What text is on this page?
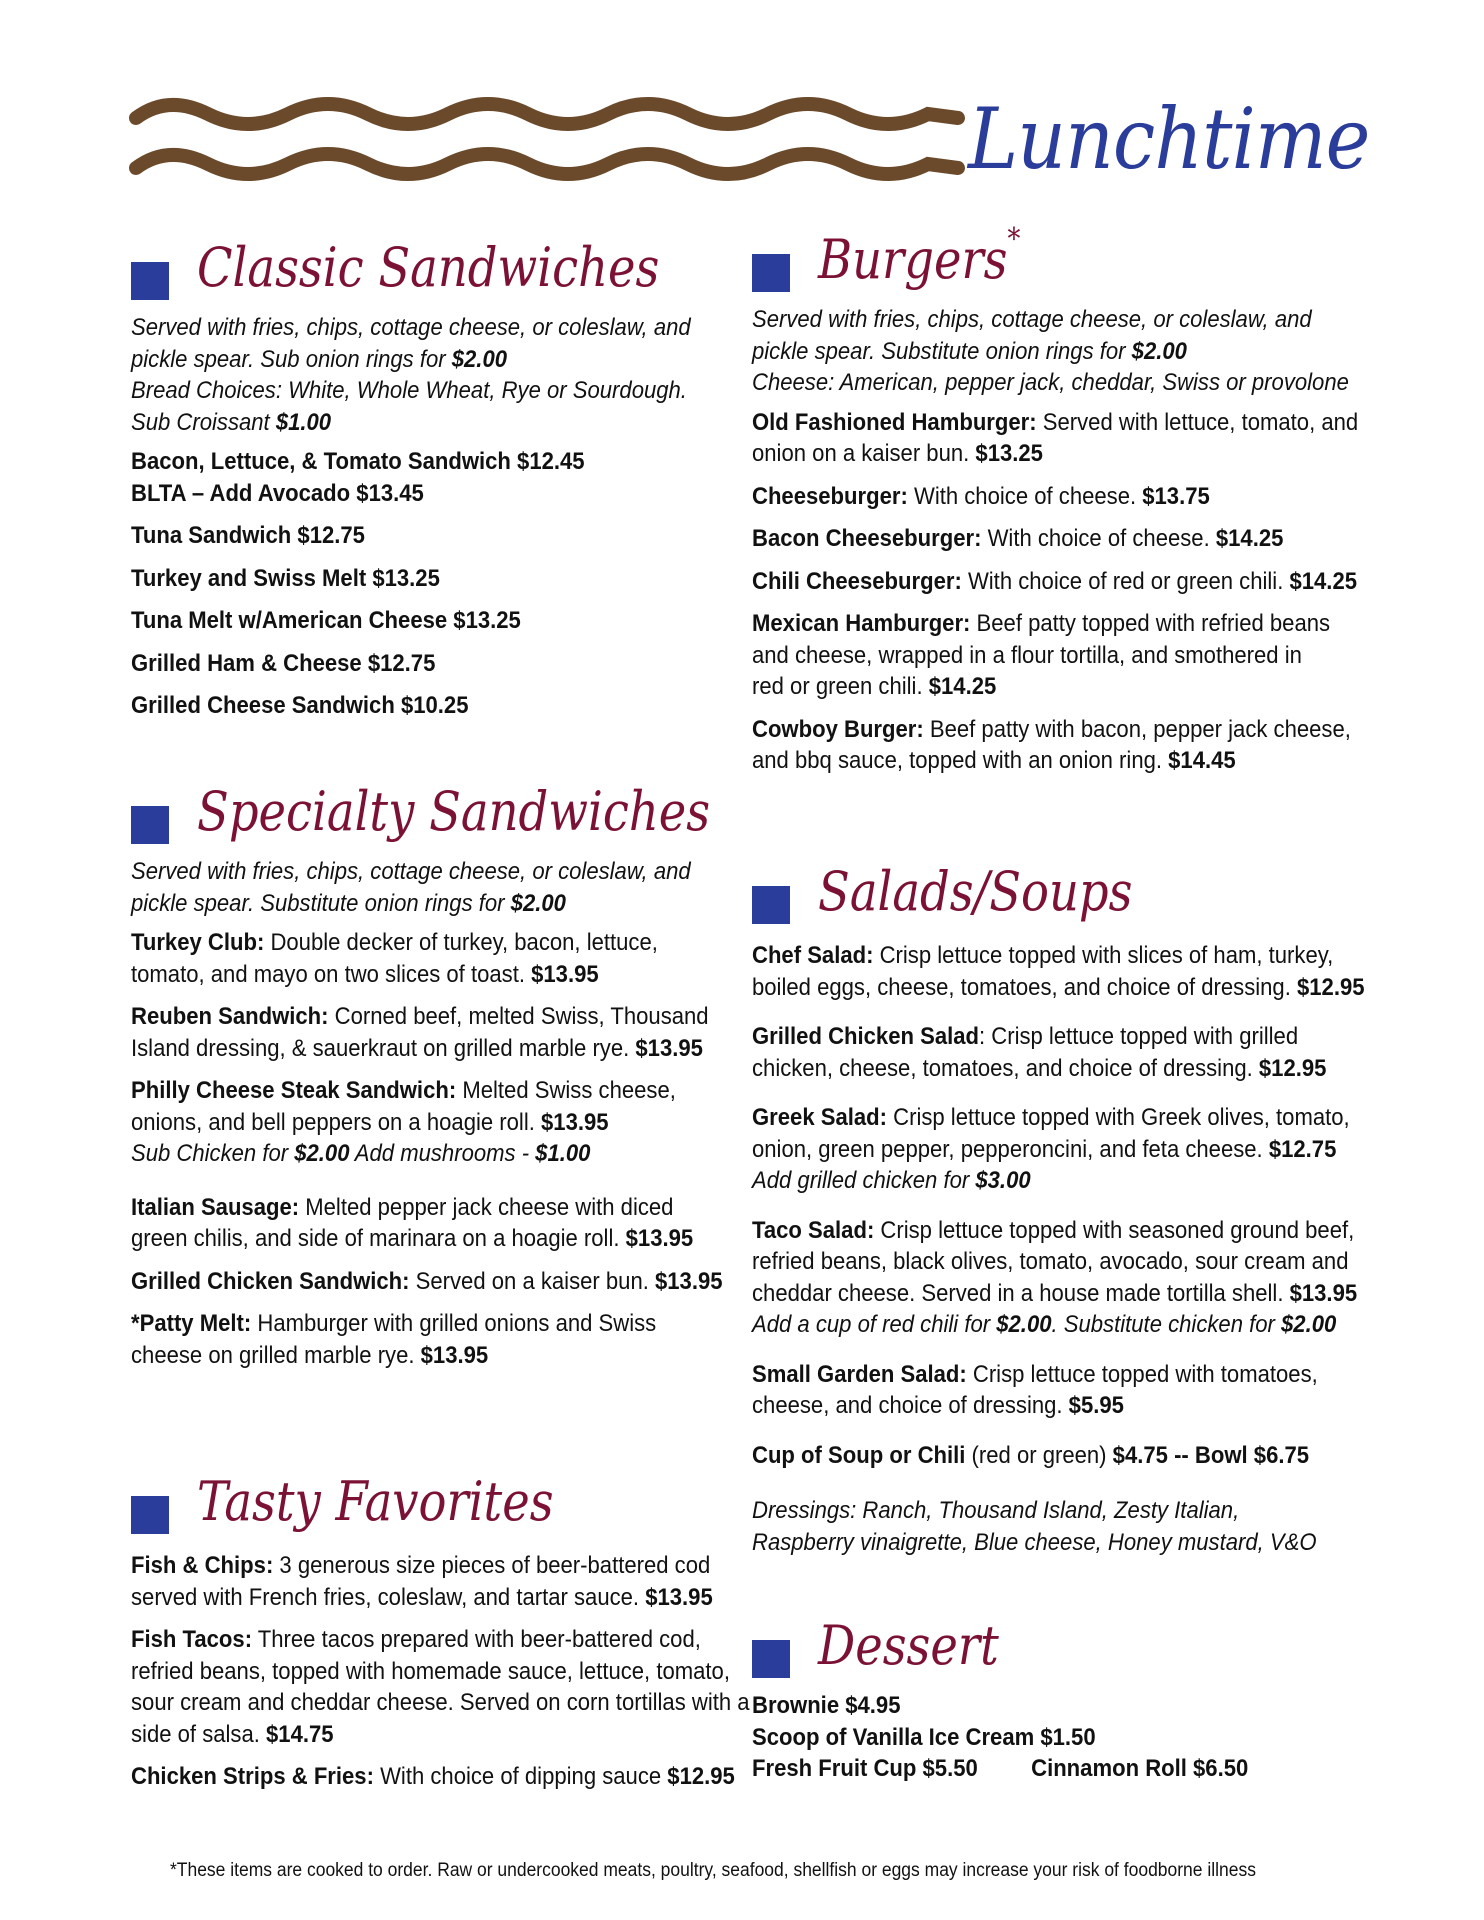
Lunchtime
Classic Sandwiches
Served with fries, chips, cottage cheese, or coleslaw, and
pickle spear. Sub onion rings for $2.00
Bread Choices: White, Whole Wheat, Rye or Sourdough.
Sub Croissant $1.00
Bacon, Lettuce, & Tomato Sandwich $12.45
BLTA – Add Avocado $13.45
Tuna Sandwich $12.75
Turkey and Swiss Melt $13.25
Tuna Melt w/American Cheese $13.25
Grilled Ham & Cheese $12.75
Grilled Cheese Sandwich $10.25
Specialty Sandwiches
Served with fries, chips, cottage cheese, or coleslaw, and
pickle spear. Substitute onion rings for $2.00
Turkey Club: Double decker of turkey, bacon, lettuce,
tomato, and mayo on two slices of toast. $13.95
Reuben Sandwich: Corned beef, melted Swiss, Thousand
Island dressing, & sauerkraut on grilled marble rye. $13.95
Philly Cheese Steak Sandwich: Melted Swiss cheese,
onions, and bell peppers on a hoagie roll. $13.95
Sub Chicken for $2.00 Add mushrooms - $1.00
Italian Sausage: Melted pepper jack cheese with diced
green chilis, and side of marinara on a hoagie roll. $13.95
Grilled Chicken Sandwich: Served on a kaiser bun. $13.95
*Patty Melt: Hamburger with grilled onions and Swiss
cheese on grilled marble rye. $13.95
Tasty Favorites
Fish & Chips: 3 generous size pieces of beer-battered cod
served with French fries, coleslaw, and tartar sauce. $13.95
Fish Tacos: Three tacos prepared with beer-battered cod,
refried beans, topped with homemade sauce, lettuce, tomato,
sour cream and cheddar cheese. Served on corn tortillas with a
side of salsa. $14.75
Chicken Strips & Fries: With choice of dipping sauce $12.95
Burgers*
Served with fries, chips, cottage cheese, or coleslaw, and
pickle spear. Substitute onion rings for $2.00
Cheese: American, pepper jack, cheddar, Swiss or provolone
Old Fashioned Hamburger: Served with lettuce, tomato, and
onion on a kaiser bun. $13.25
Cheeseburger: With choice of cheese. $13.75
Bacon Cheeseburger: With choice of cheese. $14.25
Chili Cheeseburger: With choice of red or green chili. $14.25
Mexican Hamburger: Beef patty topped with refried beans
and cheese, wrapped in a flour tortilla, and smothered in
red or green chili. $14.25
Cowboy Burger: Beef patty with bacon, pepper jack cheese,
and bbq sauce, topped with an onion ring. $14.45
Salads/Soups
Chef Salad: Crisp lettuce topped with slices of ham, turkey,
boiled eggs, cheese, tomatoes, and choice of dressing. $12.95
Grilled Chicken Salad: Crisp lettuce topped with grilled
chicken, cheese, tomatoes, and choice of dressing. $12.95
Greek Salad: Crisp lettuce topped with Greek olives, tomato,
onion, green pepper, pepperoncini, and feta cheese. $12.75
Add grilled chicken for $3.00
Taco Salad: Crisp lettuce topped with seasoned ground beef,
refried beans, black olives, tomato, avocado, sour cream and
cheddar cheese. Served in a house made tortilla shell. $13.95
Add a cup of red chili for $2.00. Substitute chicken for $2.00
Small Garden Salad: Crisp lettuce topped with tomatoes,
cheese, and choice of dressing. $5.95
Cup of Soup or Chili (red or green) $4.75 -- Bowl $6.75
Dressings: Ranch, Thousand Island, Zesty Italian,
Raspberry vinaigrette, Blue cheese, Honey mustard, V&O
Dessert
Brownie $4.95
Scoop of Vanilla Ice Cream $1.50
Fresh Fruit Cup $5.50 Cinnamon Roll $6.50
*These items are cooked to order. Raw or undercooked meats, poultry, seafood, shellfish or eggs may increase your risk of foodborne illness
